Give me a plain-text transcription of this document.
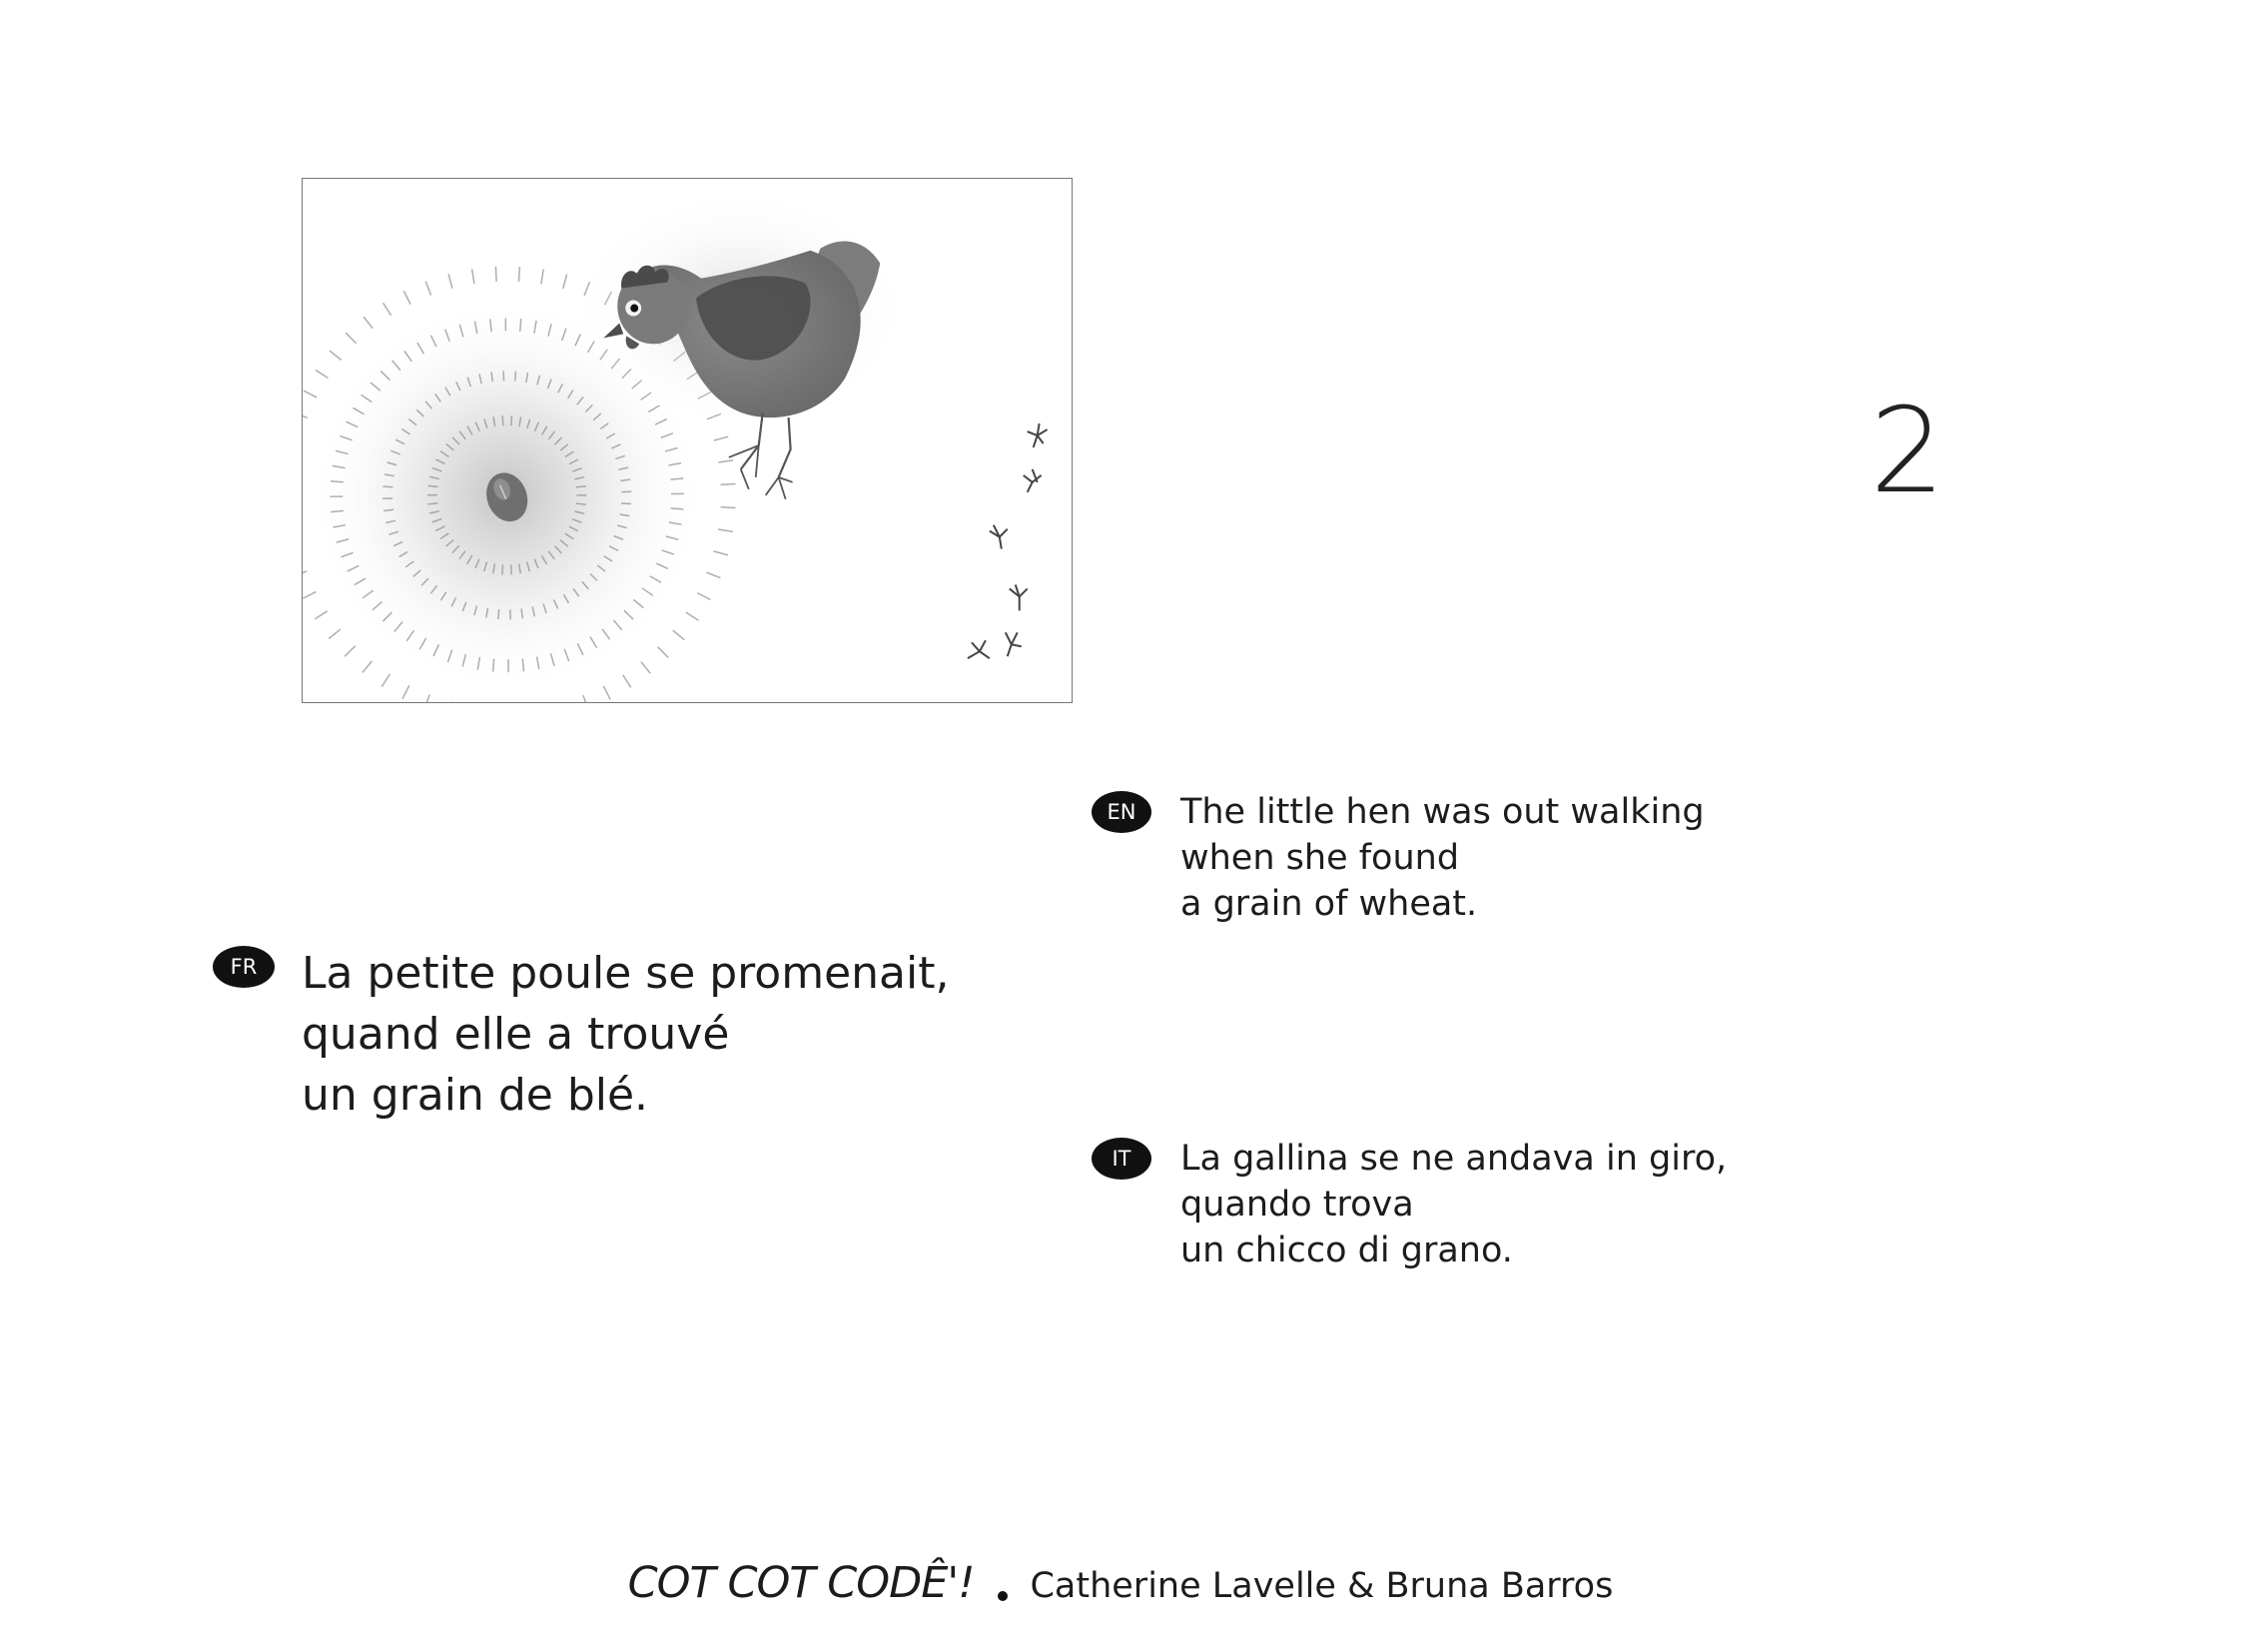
2
FR	La petite poule se promenait,
quand elle a trouvé
un grain de blé.
EN	The little hen was out walking
when she found
a grain of wheat.
IT	La gallina se ne andava in giro,
quando trova
un chicco di grano.
COT COT CODÊ'! Catherine Lavelle & Bruna Barros
